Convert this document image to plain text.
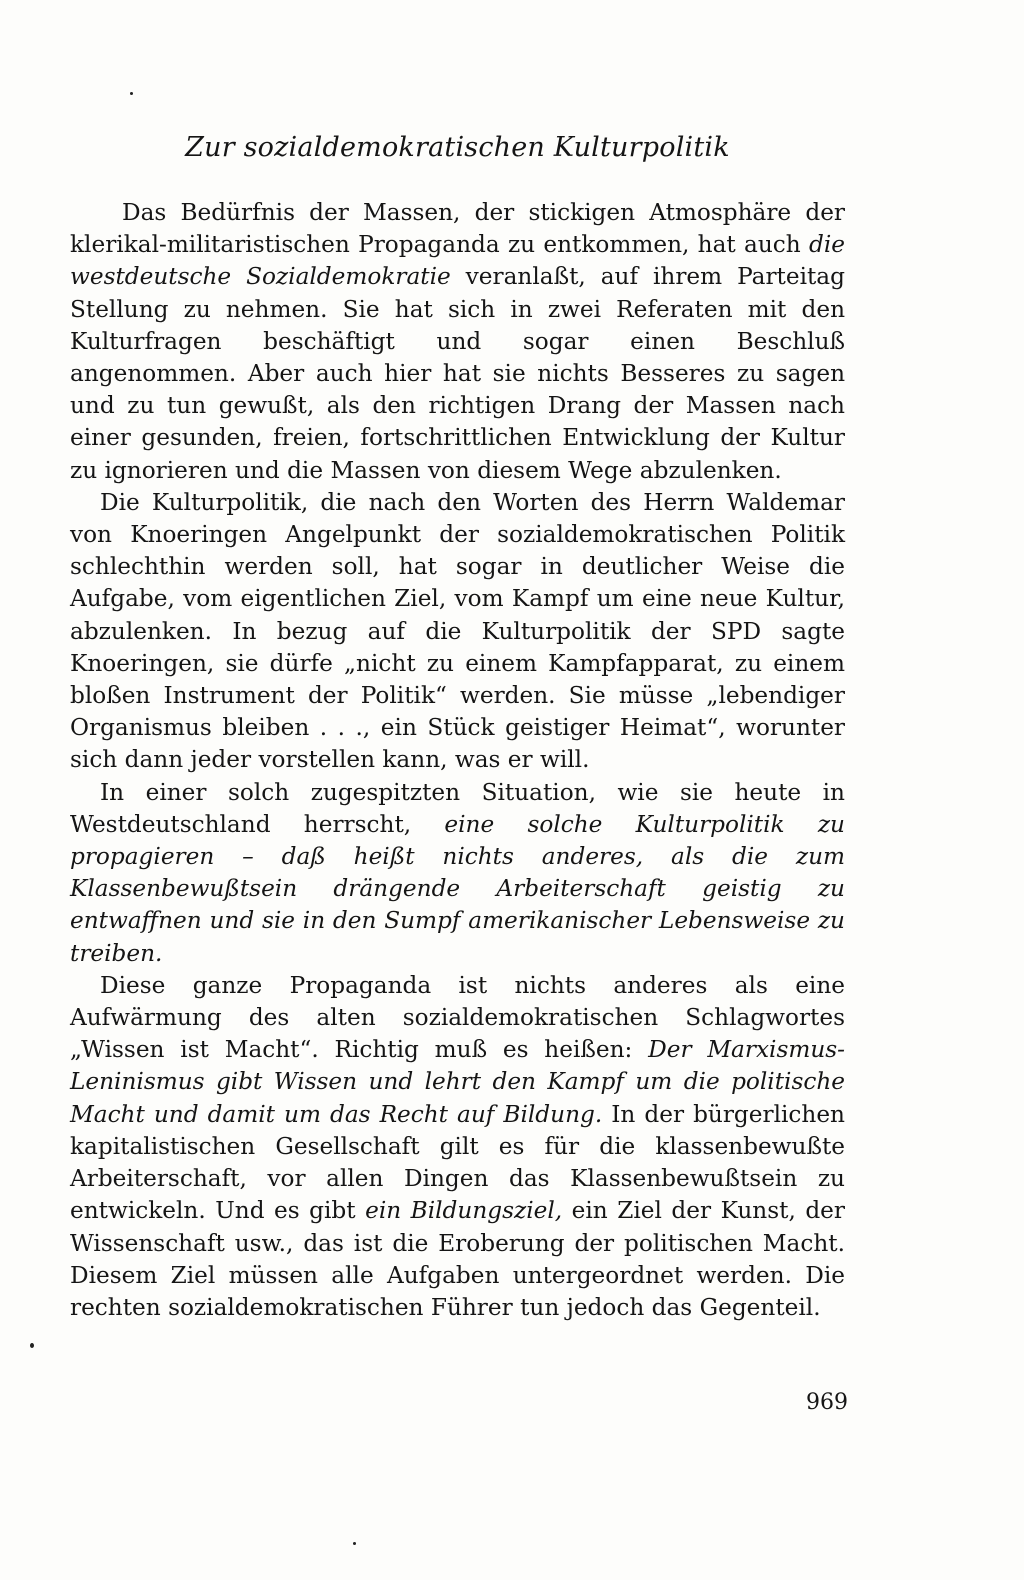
Zur sozialdemokratischen Kulturpolitik

Das Bedürfnis der Massen, der stickigen Atmosphäre der klerikal-militaristischen Propaganda zu entkommen, hat auch die westdeutsche Sozialdemokratie veranlaßt, auf ihrem Parteitag Stellung zu nehmen. Sie hat sich in zwei Referaten mit den Kulturfragen beschäftigt und sogar einen Beschluß angenommen. Aber auch hier hat sie nichts Besseres zu sagen und zu tun gewußt, als den richtigen Drang der Massen nach einer gesunden, freien, fortschrittlichen Entwicklung der Kultur zu ignorieren und die Massen von diesem Wege abzulenken.

Die Kulturpolitik, die nach den Worten des Herrn Waldemar von Knoeringen Angelpunkt der sozialdemokratischen Politik schlechthin werden soll, hat sogar in deutlicher Weise die Aufgabe, vom eigentlichen Ziel, vom Kampf um eine neue Kultur, abzulenken. In bezug auf die Kulturpolitik der SPD sagte Knoeringen, sie dürfe „nicht zu einem Kampfapparat, zu einem bloßen Instrument der Politik“ werden. Sie müsse „lebendiger Organismus bleiben . . ., ein Stück geistiger Heimat“, worunter sich dann jeder vorstellen kann, was er will.

In einer solch zugespitzten Situation, wie sie heute in Westdeutschland herrscht, eine solche Kulturpolitik zu propagieren – daß heißt nichts anderes, als die zum Klassenbewußtsein drängende Arbeiterschaft geistig zu entwaffnen und sie in den Sumpf amerikanischer Lebensweise zu treiben.

Diese ganze Propaganda ist nichts anderes als eine Aufwärmung des alten sozialdemokratischen Schlagwortes „Wissen ist Macht“. Richtig muß es heißen: Der Marxismus-Leninismus gibt Wissen und lehrt den Kampf um die politische Macht und damit um das Recht auf Bildung. In der bürgerlichen kapitalistischen Gesellschaft gilt es für die klassenbewußte Arbeiterschaft, vor allen Dingen das Klassenbewußtsein zu entwickeln. Und es gibt ein Bildungsziel, ein Ziel der Kunst, der Wissenschaft usw., das ist die Eroberung der politischen Macht. Diesem Ziel müssen alle Aufgaben untergeordnet werden. Die rechten sozialdemokratischen Führer tun jedoch das Gegenteil.

969
